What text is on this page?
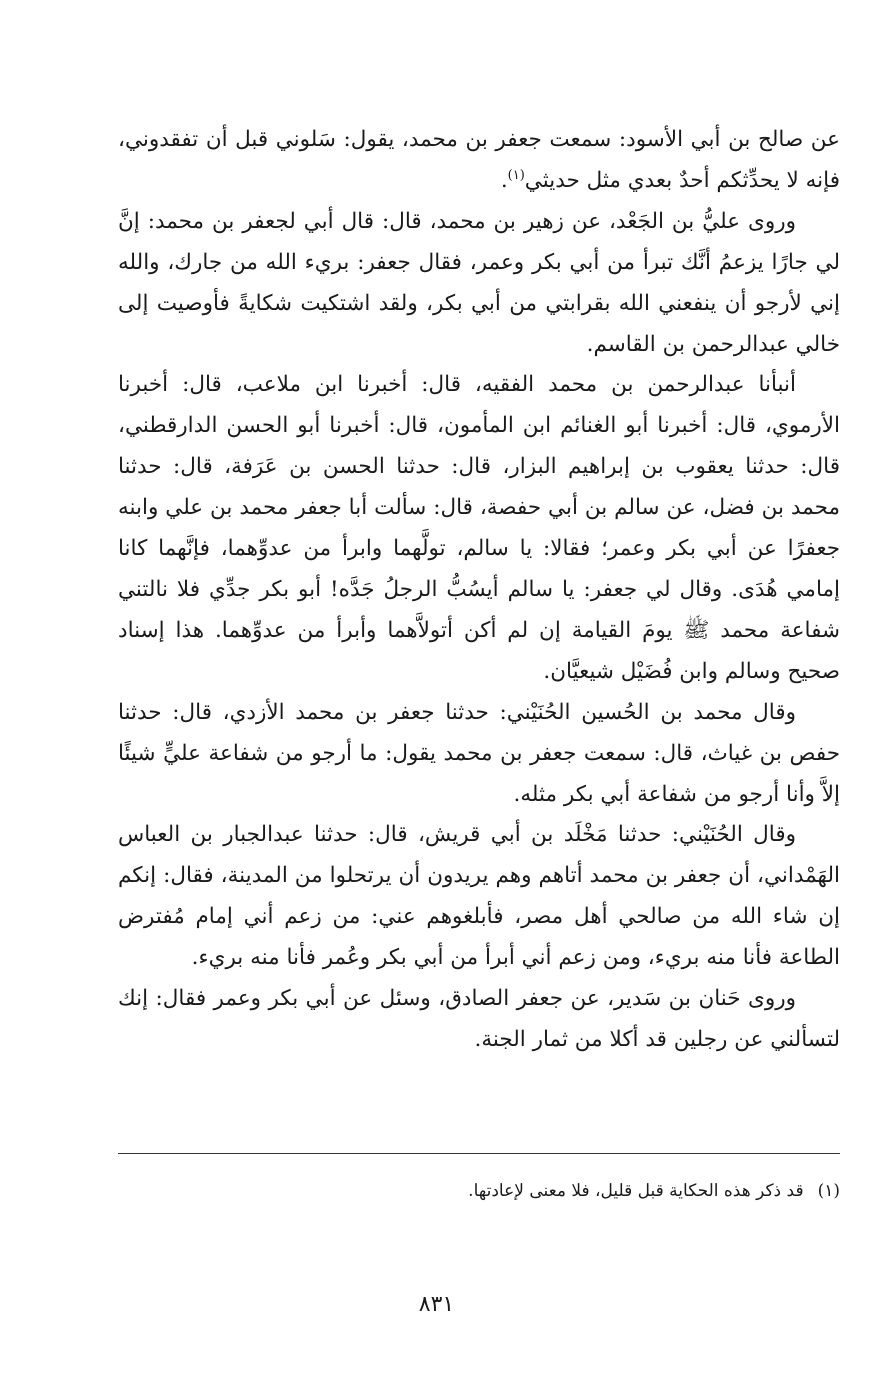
عن صالح بن أبي الأسود: سمعت جعفر بن محمد، يقول: سَلوني قبل أن تفقدوني، فإنه لا يحدِّثكم أحدٌ بعدي مثل حديثي$^{(١)}$.

وروى عليُّ بن الجَعْد، عن زهير بن محمد، قال: قال أبي لجعفر بن محمد: إنَّ لي جارًا يزعمُ أنَّك تبرأ من أبي بكر وعمر، فقال جعفر: بريء الله من جارك، والله إني لأرجو أن ينفعني الله بقرابتي من أبي بكر، ولقد اشتكيت شكايةً فأوصيت إلى خالي عبدالرحمن بن القاسم.

أنبأنا عبدالرحمن بن محمد الفقيه، قال: أخبرنا ابن ملاعب، قال: أخبرنا الأرموي، قال: أخبرنا أبو الغنائم ابن المأمون، قال: أخبرنا أبو الحسن الدارقطني، قال: حدثنا يعقوب بن إبراهيم البزار، قال: حدثنا الحسن بن عَرَفة، قال: حدثنا محمد بن فضل، عن سالم بن أبي حفصة، قال: سألت أبا جعفر محمد بن علي وابنه جعفرًا عن أبي بكر وعمر؛ فقالا: يا سالم، تولَّهما وابرأ من عدوِّهما، فإنَّهما كانا إمامي هُدَى. وقال لي جعفر: يا سالم أيسُبُّ الرجلُ جَدَّه! أبو بكر جدِّي فلا نالتني شفاعة محمد ﷺ يومَ القيامة إن لم أكن أتولاَّهما وأبرأ من عدوِّهما. هذا إسناد صحيح وسالم وابن فُضَيْل شيعيَّان.

وقال محمد بن الحُسين الحُنَيْني: حدثنا جعفر بن محمد الأزدي، قال: حدثنا حفص بن غياث، قال: سمعت جعفر بن محمد يقول: ما أرجو من شفاعة عليٍّ شيئًا إلاَّ وأنا أرجو من شفاعة أبي بكر مثله.

وقال الحُنَيْني: حدثنا مَخْلَد بن أبي قريش، قال: حدثنا عبدالجبار بن العباس الهَمْداني، أن جعفر بن محمد أتاهم وهم يريدون أن يرتحلوا من المدينة، فقال: إنكم إن شاء الله من صالحي أهل مصر، فأبلغوهم عني: من زعم أني إمام مُفترض الطاعة فأنا منه بريء، ومن زعم أني أبرأ من أبي بكر وعُمر فأنا منه بريء.

وروى حَنان بن سَدير، عن جعفر الصادق، وسئل عن أبي بكر وعمر فقال: إنك لتسألني عن رجلين قد أكلا من ثمار الجنة.

(١)قد ذكر هذه الحكاية قبل قليل، فلا معنى لإعادتها.
٨٣١
